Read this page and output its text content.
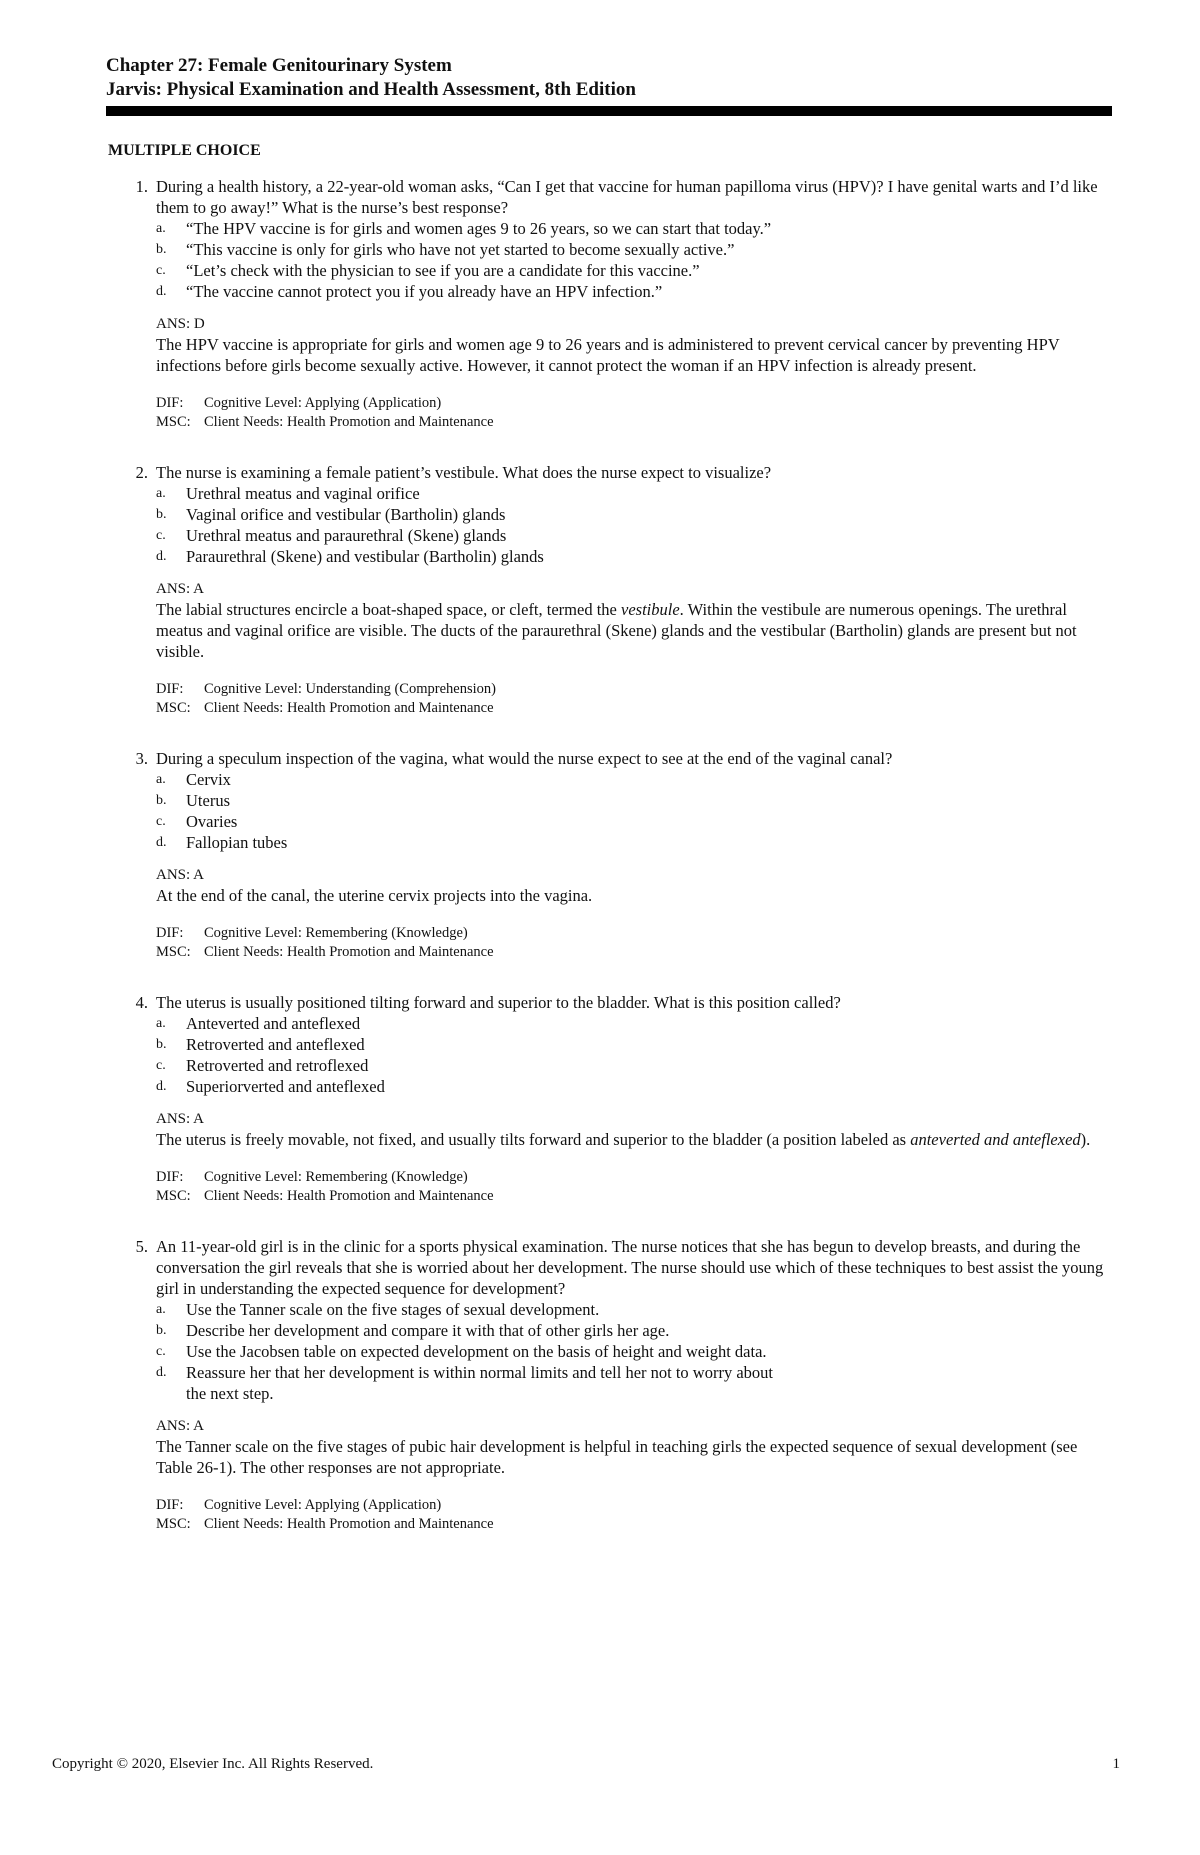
Chapter 27: Female Genitourinary System
Jarvis: Physical Examination and Health Assessment, 8th Edition
MULTIPLE CHOICE
1. During a health history, a 22-year-old woman asks, “Can I get that vaccine for human papilloma virus (HPV)? I have genital warts and I’d like them to go away!” What is the nurse’s best response?
a.	“The HPV vaccine is for girls and women ages 9 to 26 years, so we can start that today.”
b.	“This vaccine is only for girls who have not yet started to become sexually active.”
c.	“Let’s check with the physician to see if you are a candidate for this vaccine.”
d.	“The vaccine cannot protect you if you already have an HPV infection.”
ANS: D
The HPV vaccine is appropriate for girls and women age 9 to 26 years and is administered to prevent cervical cancer by preventing HPV infections before girls become sexually active. However, it cannot protect the woman if an HPV infection is already present.
DIF: Cognitive Level: Applying (Application)
MSC: Client Needs: Health Promotion and Maintenance
2. The nurse is examining a female patient’s vestibule. What does the nurse expect to visualize?
a.	Urethral meatus and vaginal orifice
b.	Vaginal orifice and vestibular (Bartholin) glands
c.	Urethral meatus and paraurethral (Skene) glands
d.	Paraurethral (Skene) and vestibular (Bartholin) glands
ANS: A
The labial structures encircle a boat-shaped space, or cleft, termed the vestibule. Within the vestibule are numerous openings. The urethral meatus and vaginal orifice are visible. The ducts of the paraurethral (Skene) glands and the vestibular (Bartholin) glands are present but not visible.
DIF: Cognitive Level: Understanding (Comprehension)
MSC: Client Needs: Health Promotion and Maintenance
3. During a speculum inspection of the vagina, what would the nurse expect to see at the end of the vaginal canal?
a.	Cervix
b.	Uterus
c.	Ovaries
d.	Fallopian tubes
ANS: A
At the end of the canal, the uterine cervix projects into the vagina.
DIF: Cognitive Level: Remembering (Knowledge)
MSC: Client Needs: Health Promotion and Maintenance
4. The uterus is usually positioned tilting forward and superior to the bladder. What is this position called?
a.	Anteverted and anteflexed
b.	Retroverted and anteflexed
c.	Retroverted and retroflexed
d.	Superiorverted and anteflexed
ANS: A
The uterus is freely movable, not fixed, and usually tilts forward and superior to the bladder (a position labeled as anteverted and anteflexed).
DIF: Cognitive Level: Remembering (Knowledge)
MSC: Client Needs: Health Promotion and Maintenance
5. An 11-year-old girl is in the clinic for a sports physical examination. The nurse notices that she has begun to develop breasts, and during the conversation the girl reveals that she is worried about her development. The nurse should use which of these techniques to best assist the young girl in understanding the expected sequence for development?
a.	Use the Tanner scale on the five stages of sexual development.
b.	Describe her development and compare it with that of other girls her age.
c.	Use the Jacobsen table on expected development on the basis of height and weight data.
d.	Reassure her that her development is within normal limits and tell her not to worry about the next step.
ANS: A
The Tanner scale on the five stages of pubic hair development is helpful in teaching girls the expected sequence of sexual development (see Table 26-1). The other responses are not appropriate.
DIF: Cognitive Level: Applying (Application)
MSC: Client Needs: Health Promotion and Maintenance
Copyright © 2020, Elsevier Inc. All Rights Reserved.	1
